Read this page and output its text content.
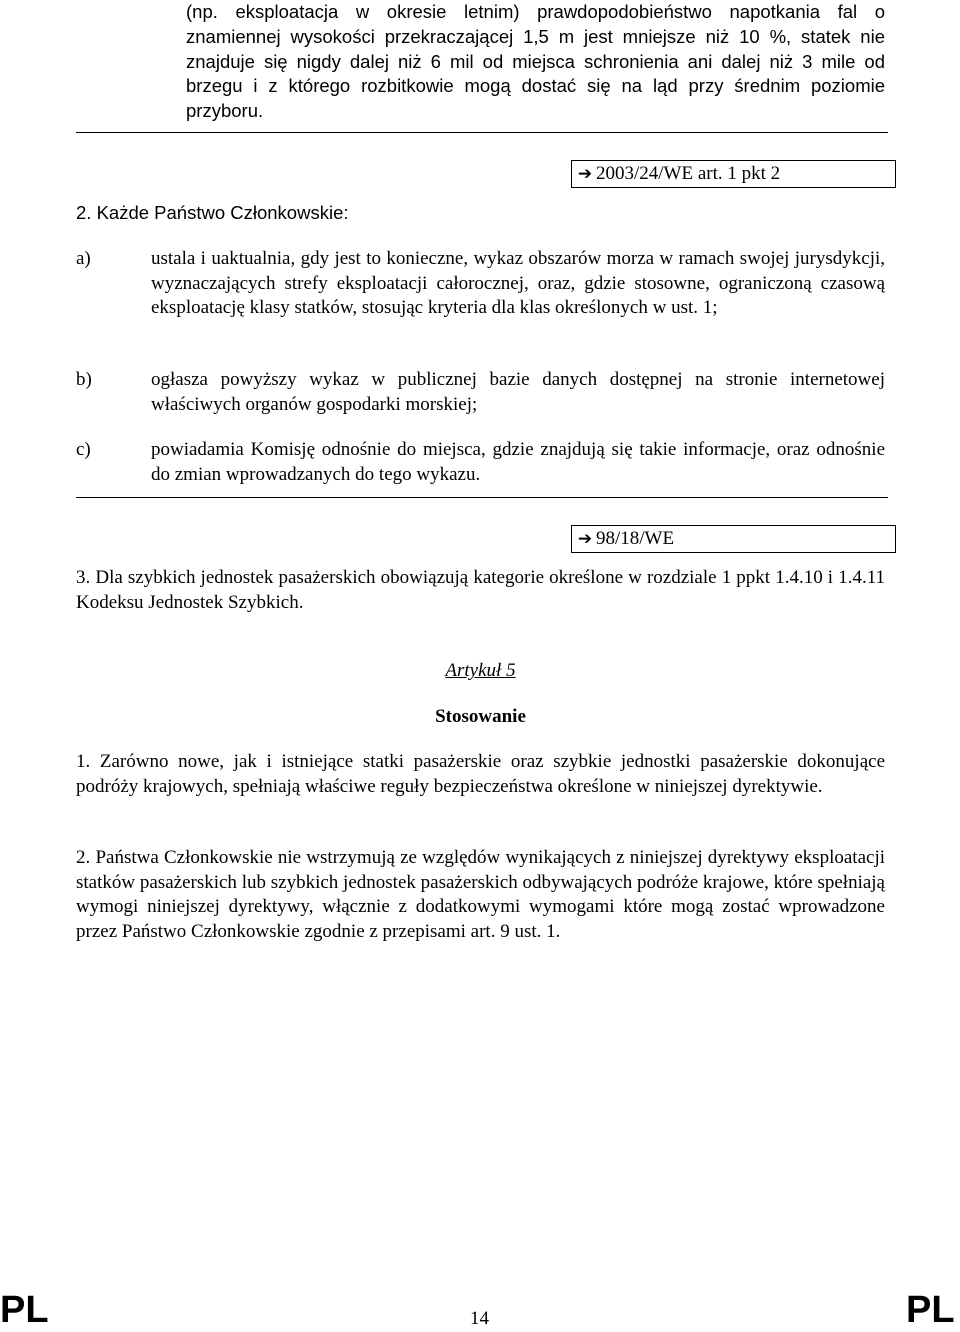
(np. eksploatacja w okresie letnim) prawdopodobieństwo napotkania fal o znamiennej wysokości przekraczającej 1,5 m jest mniejsze niż 10 %, statek nie znajduje się nigdy dalej niż 6 mil od miejsca schronienia ani dalej niż 3 mile od brzegu i z którego rozbitkowie mogą dostać się na ląd przy średnim poziomie przyboru.
2. Każde Państwo Członkowskie:
➔ 2003/24/WE art. 1 pkt 2
a)	ustala i uaktualnia, gdy jest to konieczne, wykaz obszarów morza w ramach swojej jurysdykcji, wyznaczających strefy eksploatacji całorocznej, oraz, gdzie stosowne, ograniczoną czasową eksploatację klasy statków, stosując kryteria dla klas określonych w ust. 1;
b)	ogłasza powyższy wykaz w publicznej bazie danych dostępnej na stronie internetowej właściwych organów gospodarki morskiej;
c)	powiadamia Komisję odnośnie do miejsca, gdzie znajdują się takie informacje, oraz odnośnie do zmian wprowadzanych do tego wykazu.
➔ 98/18/WE
3. Dla szybkich jednostek pasażerskich obowiązują kategorie określone w rozdziale 1 ppkt 1.4.10 i 1.4.11 Kodeksu Jednostek Szybkich.
Artykuł 5
Stosowanie
1. Zarówno nowe, jak i istniejące statki pasażerskie oraz szybkie jednostki pasażerskie dokonujące podróży krajowych, spełniają właściwe reguły bezpieczeństwa określone w niniejszej dyrektywie.
2. Państwa Członkowskie nie wstrzymują ze względów wynikających z niniejszej dyrektywy eksploatacji statków pasażerskich lub szybkich jednostek pasażerskich odbywających podróże krajowe, które spełniają wymogi niniejszej dyrektywy, włącznie z dodatkowymi wymogami które mogą zostać wprowadzone przez Państwo Członkowskie zgodnie z przepisami art. 9 ust. 1.
PL	14	PL
